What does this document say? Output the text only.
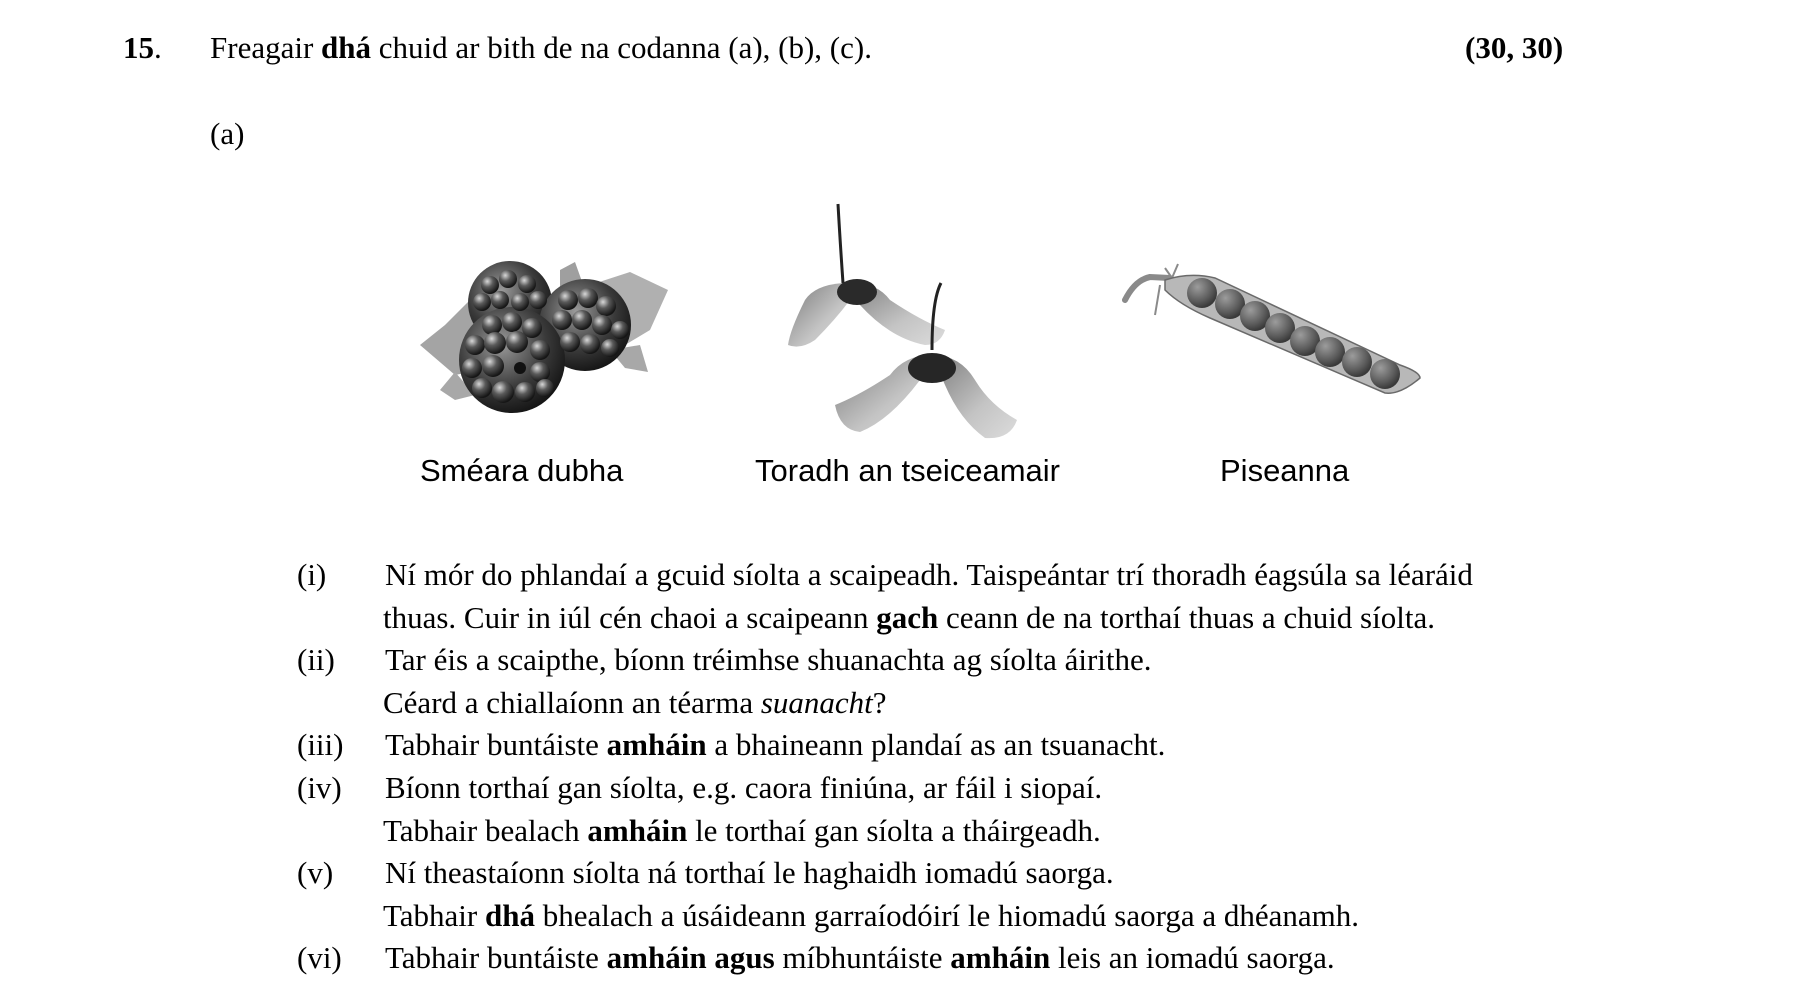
15. Freagair dhá chuid ar bith de na codanna (a), (b), (c).	(30, 30)
(a)
Sméara dubha	Toradh an tseiceamair	Piseanna
(i) Ní mór do phlandaí a gcuid síolta a scaipeadh. Taispeántar trí thoradh éagsúla sa léaráid
thuas. Cuir in iúl cén chaoi a scaipeann gach ceann de na torthaí thuas a chuid síolta.
(ii) Tar éis a scaipthe, bíonn tréimhse shuanachta ag síolta áirithe.
Céard a chiallaíonn an téarma suanacht?
(iii) Tabhair buntáiste amháin a bhaineann plandaí as an tsuanacht.
(iv) Bíonn torthaí gan síolta, e.g. caora finiúna, ar fáil i siopaí.
Tabhair bealach amháin le torthaí gan síolta a tháirgeadh.
(v) Ní theastaíonn síolta ná torthaí le haghaidh iomadú saorga.
Tabhair dhá bhealach a úsáideann garraíodóirí le hiomadú saorga a dhéanamh.
(vi) Tabhair buntáiste amháin agus míbhuntáiste amháin leis an iomadú saorga.
